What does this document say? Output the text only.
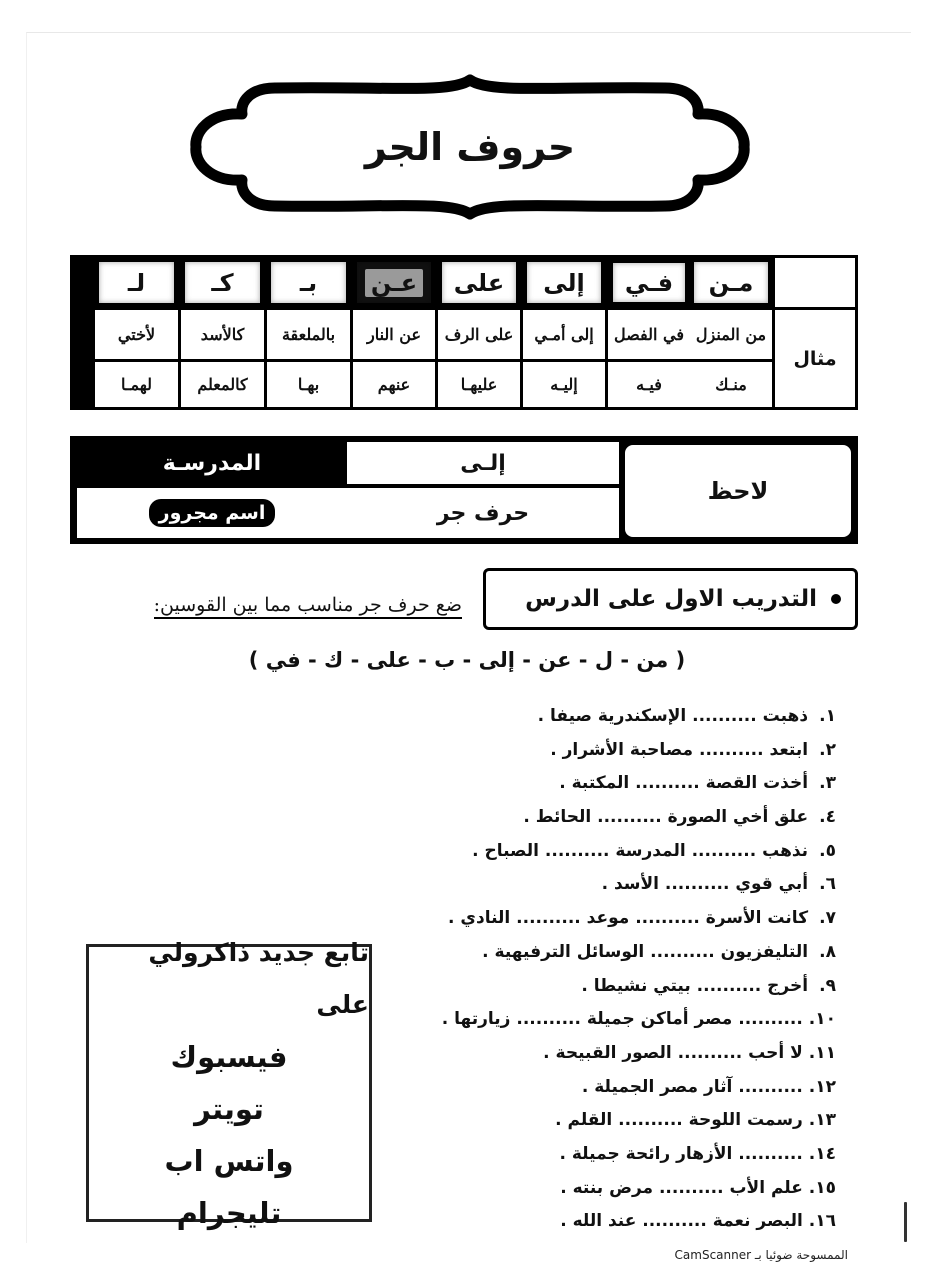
حروف الجر
مثال
مـن
فـي
إلى
على
عـن
بـ
كـ
لـ
من المنزل
في الفصل
إلى أمـي
على الرف
عن النار
بالملعقة
كالأسد
لأختي
منـك
فيـه
إليـه
عليهـا
عنهم
بهـا
كالمعلم
لهمـا
لاحظ
إلـى
حرف جر
المدرسـة
اسم مجرور
التدريب الاول على الدرس
ضع حرف جر مناسب مما بين القوسين:
( من - ل - عن - إلى - ب - على - ك - في )
١. ذهبت .......... الإسكندرية صيفا .
٢. ابتعد .......... مصاحبة الأشرار .
٣. أخذت القصة .......... المكتبة .
٤. علق أخي الصورة .......... الحائط .
٥. نذهب .......... المدرسة .......... الصباح .
٦. أبي قوي .......... الأسد .
٧. كانت الأسرة .......... موعد .......... النادي .
٨. التليفزيون .......... الوسائل الترفيهية .
٩. أخرج .......... بيتي نشيطا .
١٠. .......... مصر أماكن جميلة .......... زيارتها .
١١. لا أحب .......... الصور القبيحة .
١٢. .......... آثار مصر الجميلة .
١٣. رسمت اللوحة .......... القلم .
١٤. .......... الأزهار رائحة جميلة .
١٥. علم الأب .......... مرض بنته .
١٦. البصر نعمة .......... عند الله .
تابع جديد ذاكرولي على
فيسبوك
تويتر
واتس اب
تليجرام
الممسوحة ضوئيا بـ CamScanner
